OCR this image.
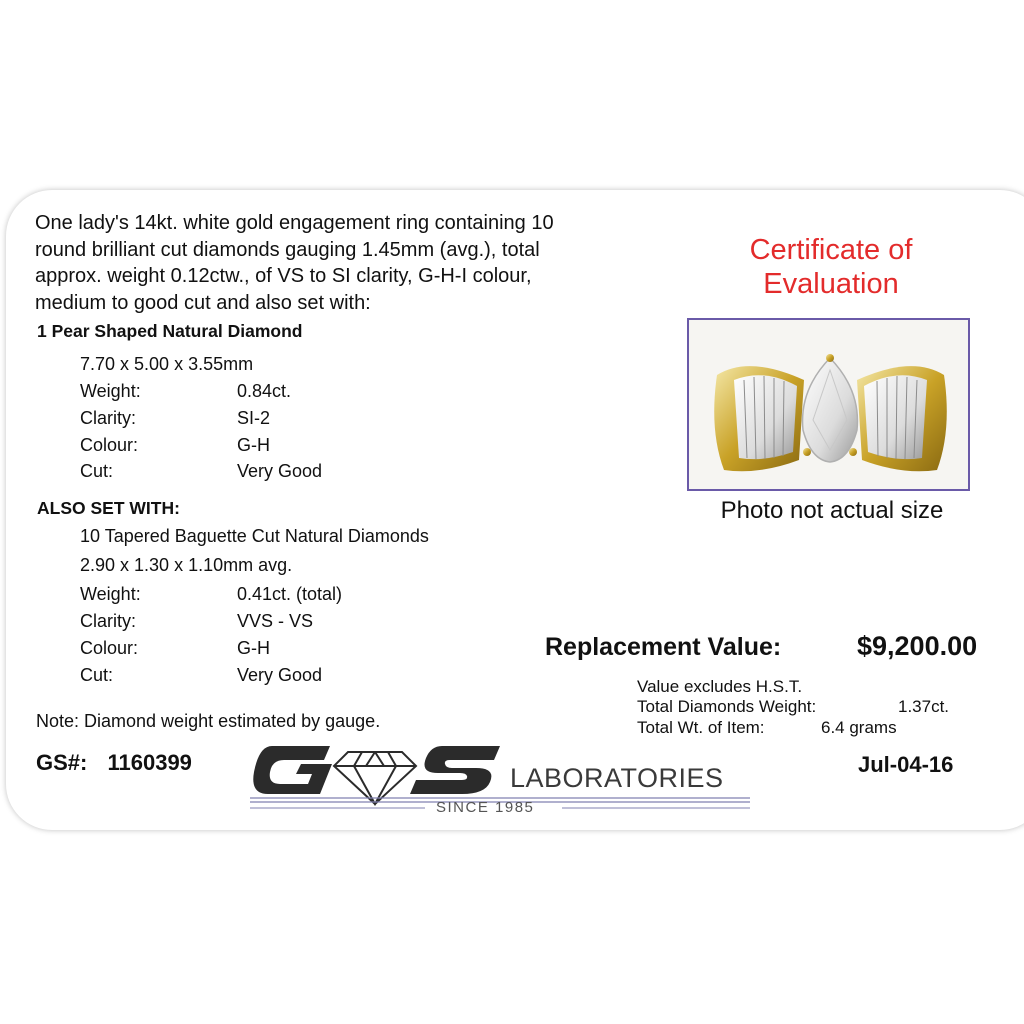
One lady's 14kt. white gold engagement ring containing 10
round brilliant cut diamonds gauging 1.45mm (avg.), total
approx. weight 0.12ctw., of VS to SI clarity, G-H-I colour,
medium to good cut and also set with:
1 Pear Shaped Natural Diamond
7.70 x 5.00 x 3.55mm
Weight:	0.84ct.
Clarity:	SI-2
Colour:	G-H
Cut:	Very Good
ALSO SET WITH:
10 Tapered Baguette Cut Natural Diamonds
2.90 x 1.30 x 1.10mm avg.
Weight:	0.41ct. (total)
Clarity:	VVS - VS
Colour:	G-H
Cut:	Very Good
Certificate of
Evaluation
Photo not actual size
Replacement Value:	$9,200.00
Value excludes H.S.T.
Total Diamonds Weight:	1.37ct.
Total Wt. of Item:	6.4 grams
Note: Diamond weight estimated by gauge.
GS#: 1160399
LABORATORIES
SINCE 1985
Jul-04-16
